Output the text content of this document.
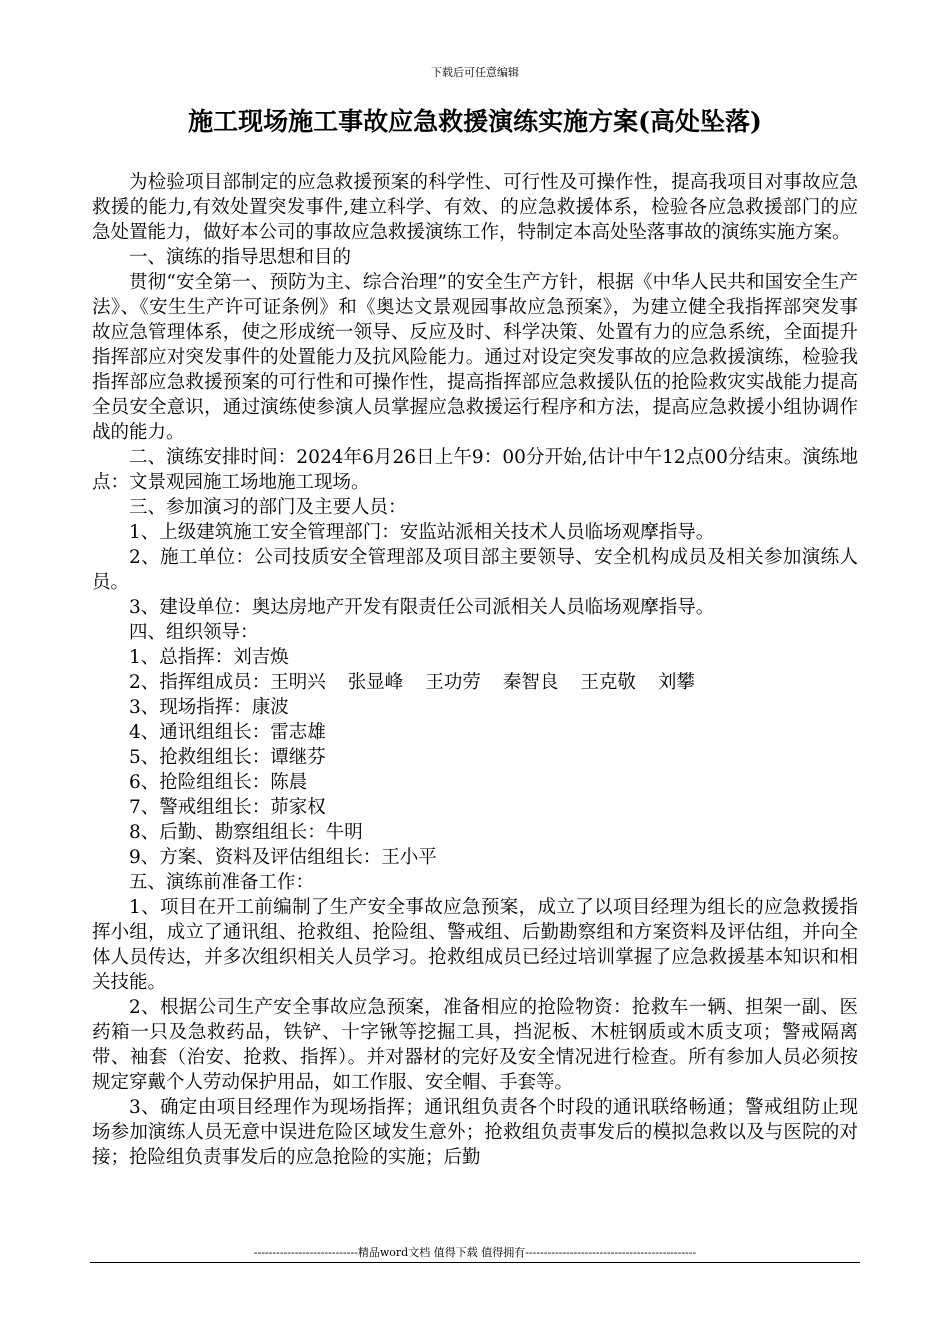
下载后可任意编辑
施工现场施工事故应急救援演练实施方案(高处坠落)

为检验项目部制定的应急救援预案的科学性、可行性及可操作性，提高我项目对事故应急救援的能力,有效处置突发事件,建立科学、有效、的应急救援体系，检验各应急救援部门的应急处置能力，做好本公司的事故应急救援演练工作，特制定本高处坠落事故的演练实施方案。

一、演练的指导思想和目的

贯彻“安全第一、预防为主、综合治理”的安全生产方针，根据《中华人民共和国安全生产法》、《安生生产许可证条例》和《奥达文景观园事故应急预案》，为建立健全我指挥部突发事故应急管理体系，使之形成统一领导、反应及时、科学决策、处置有力的应急系统，全面提升指挥部应对突发事件的处置能力及抗风险能力。通过对设定突发事故的应急救援演练，检验我指挥部应急救援预案的可行性和可操作性，提高指挥部应急救援队伍的抢险救灾实战能力提高全员安全意识，通过演练使参演人员掌握应急救援运行程序和方法，提高应急救援小组协调作战的能力。

二、演练安排时间：2024年6月26日上午9：00分开始,估计中午12点00分结束。演练地点：文景观园施工场地施工现场。

三、参加演习的部门及主要人员：

1、上级建筑施工安全管理部门：安监站派相关技术人员临场观摩指导。

2、施工单位：公司技质安全管理部及项目部主要领导、安全机构成员及相关参加演练人员。

3、建设单位：奥达房地产开发有限责任公司派相关人员临场观摩指导。

四、组织领导：

1、总指挥：刘吉焕

2、指挥组成员：王明兴 张显峰 王功劳 秦智良 王克敬 刘攀

3、现场指挥：康波

4、通讯组组长：雷志雄

5、抢救组组长：谭继芬

6、抢险组组长：陈晨

7、警戒组组长：茆家权

8、后勤、勘察组组长：牛明

9、方案、资料及评估组组长：王小平

五、演练前准备工作：

1、项目在开工前编制了生产安全事故应急预案，成立了以项目经理为组长的应急救援指挥小组，成立了通讯组、抢救组、抢险组、警戒组、后勤勘察组和方案资料及评估组，并向全体人员传达，并多次组织相关人员学习。抢救组成员已经过培训掌握了应急救援基本知识和相关技能。

2、根据公司生产安全事故应急预案，准备相应的抢险物资：抢救车一辆、担架一副、医药箱一只及急救药品，铁铲、十字锹等挖掘工具，挡泥板、木桩钢质或木质支项；警戒隔离带、袖套（治安、抢救、指挥）。并对器材的完好及安全情况进行检查。所有参加人员必须按规定穿戴个人劳动保护用品，如工作服、安全帽、手套等。

3、确定由项目经理作为现场指挥；通讯组负责各个时段的通讯联络畅通；警戒组防止现场参加演练人员无意中误进危险区域发生意外；抢救组负责事发后的模拟急救以及与医院的对接；抢险组负责事发后的应急抢险的实施；后勤

----------------------------精品word文档 值得下载 值得拥有----------------------------------------------
